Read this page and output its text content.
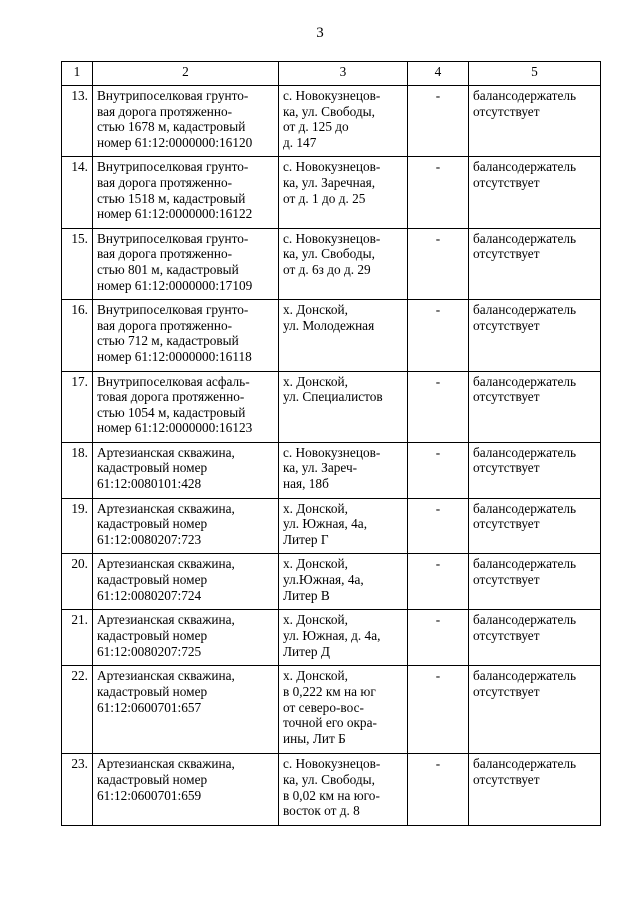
3
1	2	3	4	5
13.	Внутрипоселковая грунто-
вая дорога протяженно-
стью 1678 м, кадастровый
номер 61:12:0000000:16120	с. Новокузнецов-
ка, ул. Свободы,
от д. 125 до
д. 147	-	балансодержатель
отсутствует
14.	Внутрипоселковая грунто-
вая дорога протяженно-
стью 1518 м, кадастровый
номер 61:12:0000000:16122	с. Новокузнецов-
ка, ул. Заречная,
от д. 1 до д. 25	-	балансодержатель
отсутствует
15.	Внутрипоселковая грунто-
вая дорога протяженно-
стью 801 м, кадастровый
номер 61:12:0000000:17109	с. Новокузнецов-
ка, ул. Свободы,
от д. 6з до д. 29	-	балансодержатель
отсутствует
16.	Внутрипоселковая грунто-
вая дорога протяженно-
стью 712 м, кадастровый
номер 61:12:0000000:16118	х. Донской,
ул. Молодежная	-	балансодержатель
отсутствует
17.	Внутрипоселковая асфаль-
товая дорога протяженно-
стью 1054 м, кадастровый
номер 61:12:0000000:16123	х. Донской,
ул. Специалистов	-	балансодержатель
отсутствует
18.	Артезианская скважина,
кадастровый номер
61:12:0080101:428	с. Новокузнецов-
ка, ул. Зареч-
ная, 18б	-	балансодержатель
отсутствует
19.	Артезианская скважина,
кадастровый номер
61:12:0080207:723	х. Донской,
ул. Южная, 4а,
Литер Г	-	балансодержатель
отсутствует
20.	Артезианская скважина,
кадастровый номер
61:12:0080207:724	х. Донской,
ул.Южная, 4а,
Литер В	-	балансодержатель
отсутствует
21.	Артезианская скважина,
кадастровый номер
61:12:0080207:725	х. Донской,
ул. Южная, д. 4а,
Литер Д	-	балансодержатель
отсутствует
22.	Артезианская скважина,
кадастровый номер
61:12:0600701:657	х. Донской,
в 0,222 км на юг
от северо-вос-
точной его окра-
ины, Лит Б	-	балансодержатель
отсутствует
23.	Артезианская скважина,
кадастровый номер
61:12:0600701:659	с. Новокузнецов-
ка, ул. Свободы,
в 0,02 км на юго-
восток от д. 8	-	балансодержатель
отсутствует
